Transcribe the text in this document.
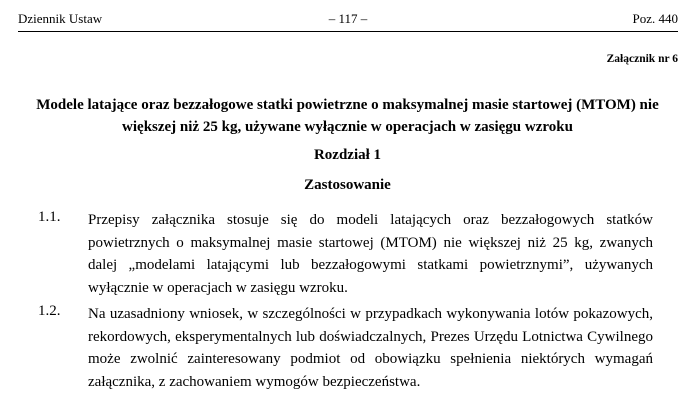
Dziennik Ustaw	– 117 –	Poz. 440
Załącznik nr 6
Modele latające oraz bezzałogowe statki powietrzne o maksymalnej masie startowej (MTOM) nie większej niż 25 kg, używane wyłącznie w operacjach w zasięgu wzroku
Rozdział 1
Zastosowanie
1.1. Przepisy załącznika stosuje się do modeli latających oraz bezzałogowych statków powietrznych o maksymalnej masie startowej (MTOM) nie większej niż 25 kg, zwanych dalej „modelami latającymi lub bezzałogowymi statkami powietrznymi”, używanych wyłącznie w operacjach w zasięgu wzroku.
1.2. Na uzasadniony wniosek, w szczególności w przypadkach wykonywania lotów pokazowych, rekordowych, eksperymentalnych lub doświadczalnych, Prezes Urzędu Lotnictwa Cywilnego może zwolnić zainteresowany podmiot od obowiązku spełnienia niektórych wymagań załącznika, z zachowaniem wymogów bezpieczeństwa.
